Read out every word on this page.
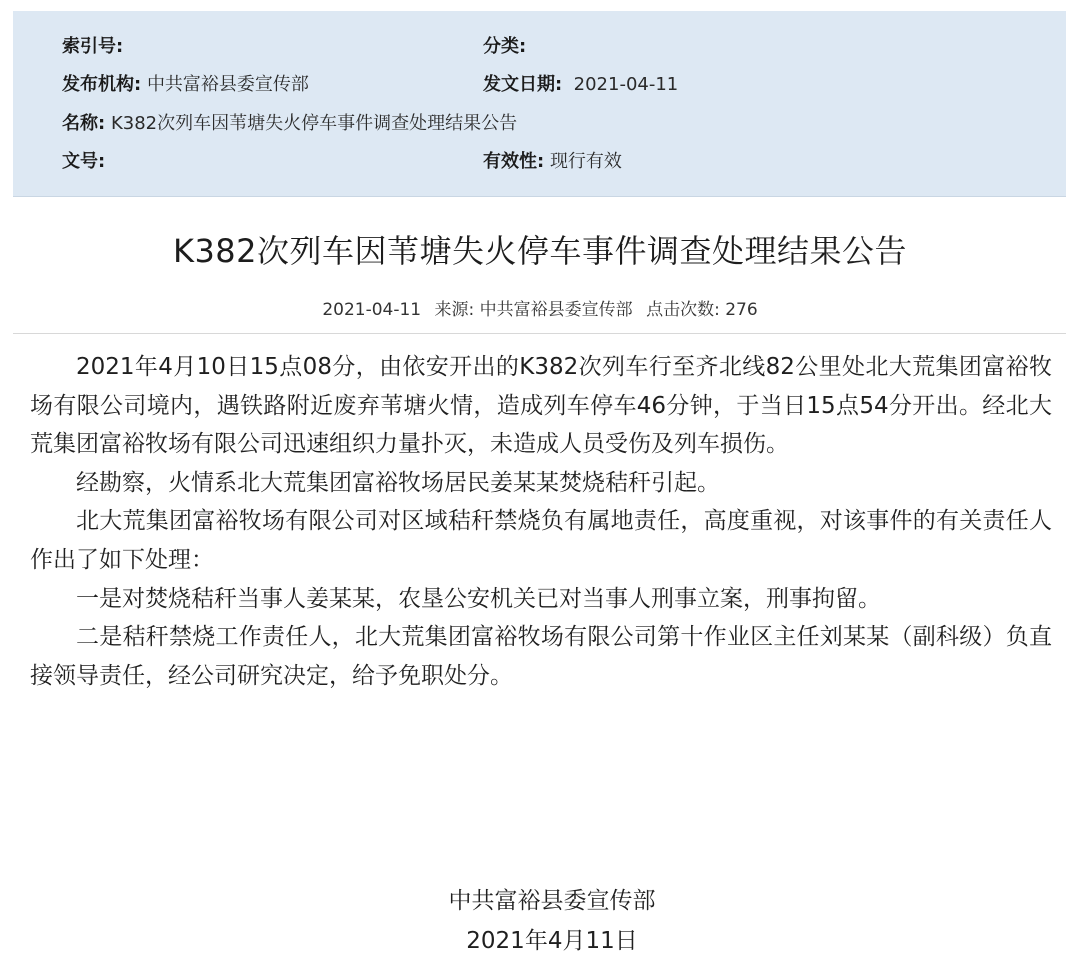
索引号:	分类:
发布机构: 中共富裕县委宣传部	发文日期: 2021-04-11
名称: K382次列车因苇塘失火停车事件调查处理结果公告
文号:	有效性: 现行有效
K382次列车因苇塘失火停车事件调查处理结果公告
2021-04-11 来源: 中共富裕县委宣传部 点击次数: 276

2021年4月10日15点08分，由依安开出的K382次列车行至齐北线82公里处北大荒集团富裕牧场有限公司境内，遇铁路附近废弃苇塘火情，造成列车停车46分钟，于当日15点54分开出。经北大荒集团富裕牧场有限公司迅速组织力量扑灭，未造成人员受伤及列车损伤。

经勘察，火情系北大荒集团富裕牧场居民姜某某焚烧秸秆引起。

北大荒集团富裕牧场有限公司对区域秸秆禁烧负有属地责任，高度重视，对该事件的有关责任人作出了如下处理：

一是对焚烧秸秆当事人姜某某，农垦公安机关已对当事人刑事立案，刑事拘留。

二是秸秆禁烧工作责任人，北大荒集团富裕牧场有限公司第十作业区主任刘某某（副科级）负直接领导责任，经公司研究决定，给予免职处分。

中共富裕县委宣传部
2021年4月11日
